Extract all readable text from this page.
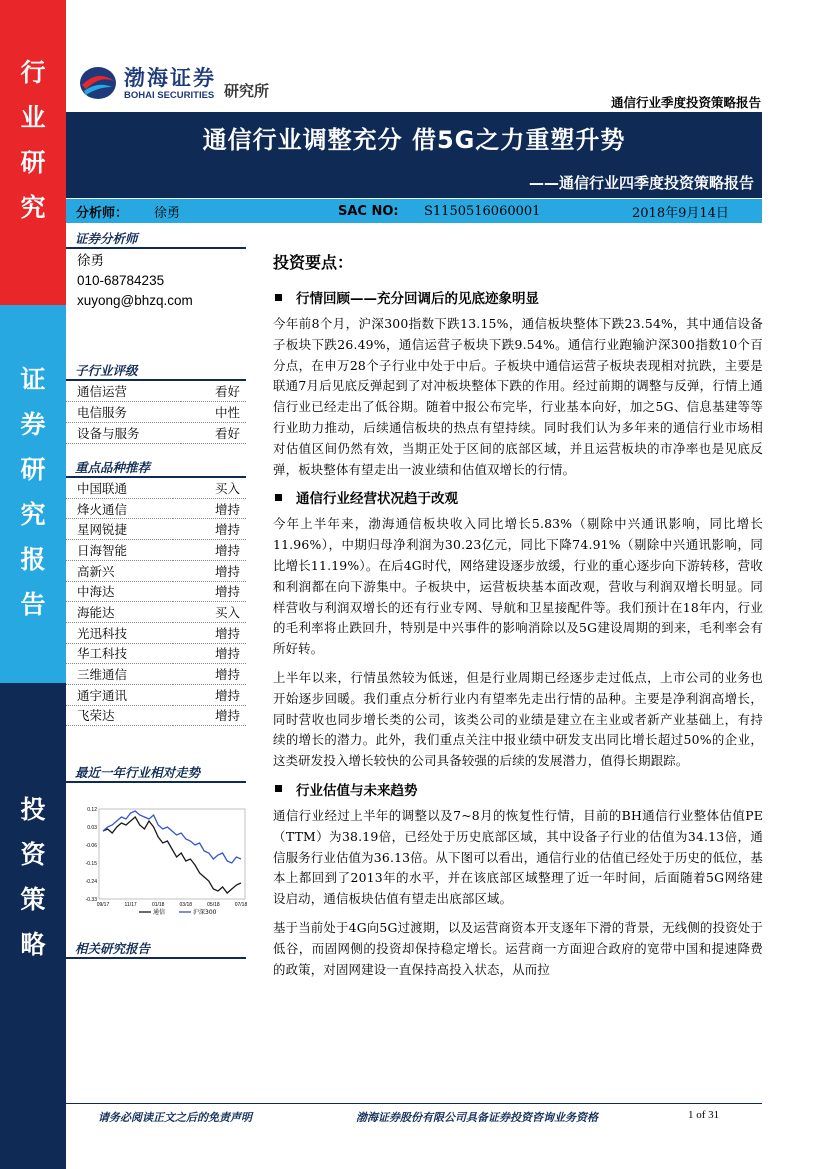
行
业
研
究
证
券
研
究
报
告
投
资
策
略
渤海证券
BOHAI SECURITIES 研究所
通信行业季度投资策略报告
通信行业调整充分 借5G之力重塑升势
——通信行业四季度投资策略报告
分析师： 徐勇	SAC NO: S1150516060001	2018年9月14日
证券分析师
徐勇
010-68784235
xuyong@bhzq.com
子行业评级
通信运营	看好
电信服务	中性
设备与服务	看好
重点品种推荐
中国联通	买入
烽火通信	增持
星网锐捷	增持
日海智能	增持
高新兴	增持
中海达	增持
海能达	买入
光迅科技	增持
华工科技	增持
三维通信	增持
通宇通讯	增持
飞荣达	增持
最近一年行业相对走势
0.12
0.03
-0.06
-0.15
-0.24
-0.33
09/17	11/17	01/18	03/18	05/18	07/18
通信	沪深300
相关研究报告
投资要点：
行情回顾——充分回调后的见底迹象明显

今年前8个月，沪深300指数下跌13.15%，通信板块整体下跌23.54%，其中通信设备子板块下跌26.49%，通信运营子板块下跌9.54%。通信行业跑输沪深300指数10个百分点，在申万28个子行业中处于中后。子板块中通信运营子板块表现相对抗跌，主要是联通7月后见底反弹起到了对冲板块整体下跌的作用。经过前期的调整与反弹，行情上通信行业已经走出了低谷期。随着中报公布完毕，行业基本向好，加之5G、信息基建等等行业助力推动，后续通信板块的热点有望持续。同时我们认为多年来的通信行业市场相对估值区间仍然有效，当期正处于区间的底部区域，并且运营板块的市净率也是见底反弹，板块整体有望走出一波业绩和估值双增长的行情。

通信行业经营状况趋于改观

今年上半年来，渤海通信板块收入同比增长5.83%（剔除中兴通讯影响，同比增长11.96%），中期归母净利润为30.23亿元，同比下降74.91%（剔除中兴通讯影响，同比增长11.19%）。在后4G时代，网络建设逐步放缓，行业的重心逐步向下游转移，营收和利润都在向下游集中。子板块中，运营板块基本面改观，营收与利润双增长明显。同样营收与利润双增长的还有行业专网、导航和卫星接配件等。我们预计在18年内，行业的毛利率将止跌回升，特别是中兴事件的影响消除以及5G建设周期的到来，毛利率会有所好转。

上半年以来，行情虽然较为低迷，但是行业周期已经逐步走过低点，上市公司的业务也开始逐步回暖。我们重点分析行业内有望率先走出行情的品种。主要是净利润高增长，同时营收也同步增长类的公司，该类公司的业绩是建立在主业或者新产业基础上，有持续的增长的潜力。此外，我们重点关注中报业绩中研发支出同比增长超过50%的企业，这类研发投入增长较快的公司具备较强的后续的发展潜力，值得长期跟踪。

行业估值与未来趋势

通信行业经过上半年的调整以及7~8月的恢复性行情，目前的BH通信行业整体估值PE（TTM）为38.19倍，已经处于历史底部区域，其中设备子行业的估值为34.13倍，通信服务行业估值为36.13倍。从下图可以看出，通信行业的估值已经处于历史的低位，基本上都回到了2013年的水平，并在该底部区域整理了近一年时间，后面随着5G网络建设启动，通信板块估值有望走出底部区域。

基于当前处于4G向5G过渡期，以及运营商资本开支逐年下滑的背景，无线侧的投资处于低谷，而固网侧的投资却保持稳定增长。运营商一方面迎合政府的宽带中国和提速降费的政策，对固网建设一直保持高投入状态，从而拉

请务必阅读正文之后的免责声明	渤海证券股份有限公司具备证券投资咨询业务资格	1 of 31
